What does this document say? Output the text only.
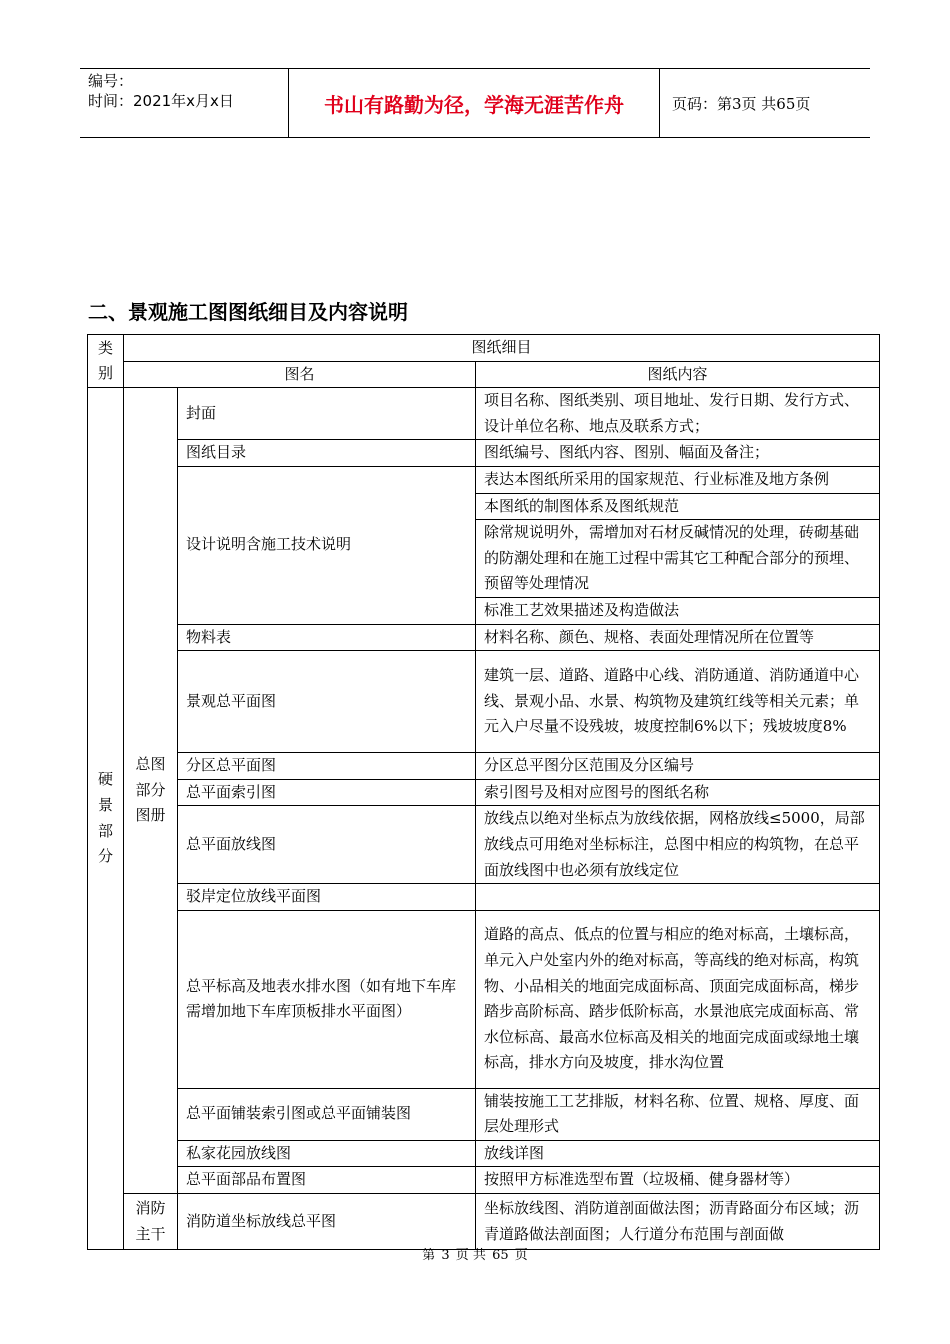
编号：
时间：2021年x月x日	书山有路勤为径，学海无涯苦作舟	页码：第3页 共65页
二、景观施工图图纸细目及内容说明
类别	图纸细目		
	图名		图纸内容
硬景部分	总图部分图册	封面	项目名称、图纸类别、项目地址、发行日期、发行方式、设计单位名称、地点及联系方式；
		图纸目录	图纸编号、图纸内容、图别、幅面及备注；
		设计说明含施工技术说明	表达本图纸所采用的国家规范、行业标准及地方条例
			本图纸的制图体系及图纸规范
			除常规说明外，需增加对石材反碱情况的处理，砖砌基础的防潮处理和在施工过程中需其它工种配合部分的预埋、预留等处理情况
			标准工艺效果描述及构造做法
		物料表	材料名称、颜色、规格、表面处理情况所在位置等
		景观总平面图	建筑一层、道路、道路中心线、消防通道、消防通道中心线、景观小品、水景、构筑物及建筑红线等相关元素；单元入户尽量不设残坡，坡度控制6%以下；残坡坡度8%
		分区总平面图	分区总平图分区范围及分区编号
		总平面索引图	索引图号及相对应图号的图纸名称
		总平面放线图	放线点以绝对坐标点为放线依据，网格放线≤5000，局部放线点可用绝对坐标标注，总图中相应的构筑物，在总平面放线图中也必须有放线定位
		驳岸定位放线平面图	
		总平标高及地表水排水图（如有地下车库需增加地下车库顶板排水平面图）	道路的高点、低点的位置与相应的绝对标高，土壤标高，单元入户处室内外的绝对标高，等高线的绝对标高，构筑物、小品相关的地面完成面标高、顶面完成面标高，梯步踏步高阶标高、踏步低阶标高，水景池底完成面标高、常水位标高、最高水位标高及相关的地面完成面或绿地土壤标高，排水方向及坡度，排水沟位置
		总平面铺装索引图或总平面铺装图	铺装按施工工艺排版，材料名称、位置、规格、厚度、面层处理形式
		私家花园放线图	放线详图
		总平面部品布置图	按照甲方标准选型布置（垃圾桶、健身器材等）
	消防主干	消防道坐标放线总平图	坐标放线图、消防道剖面做法图；沥青路面分布区域；沥青道路做法剖面图；人行道分布范围与剖面做
第 3 页 共 65 页
